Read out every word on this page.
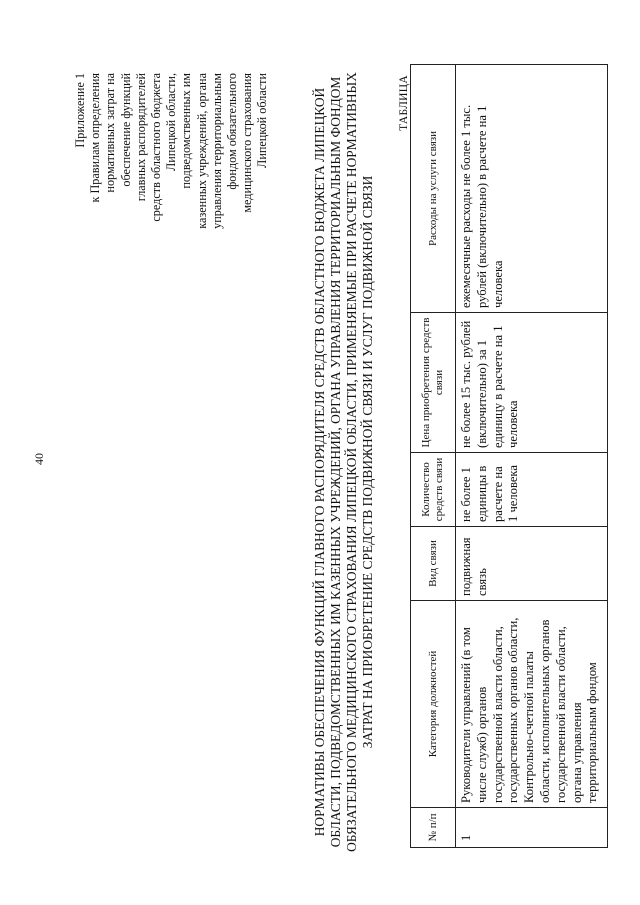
40
Приложение 1 к Правилам определения нормативных затрат на обеспечение функций главных распорядителей средств областного бюджета Липецкой области, подведомственных им казенных учреждений, органа управления территориальным фондом обязательного медицинского страхования Липецкой области	НОРМАТИВЫ ОБЕСПЕЧЕНИЯ ФУНКЦИЙ ГЛАВНОГО РАСПОРЯДИТЕЛЯ СРЕДСТВ ОБЛАСТНОГО БЮДЖЕТА ЛИПЕЦКОЙ ОБЛАСТИ, ПОДВЕДОМСТВЕННЫХ ИМ КАЗЕННЫХ УЧРЕЖДЕНИЙ, ОРГАНА УПРАВЛЕНИЯ ТЕРРИТОРИАЛЬНЫМ ФОНДОМ ОБЯЗАТЕЛЬНОГО МЕДИЦИНСКОГО СТРАХОВАНИЯ ЛИПЕЦКОЙ ОБЛАСТИ, ПРИМЕНЯЕМЫЕ ПРИ РАСЧЕТЕ НОРМАТИВНЫХ ЗАТРАТ НА ПРИОБРЕТЕНИЕ СРЕДСТВ ПОДВИЖНОЙ СВЯЗИ И УСЛУГ ПОДВИЖНОЙ СВЯЗИ
ТАБЛИЦА
№ п/п	Категория должностей	Вид связи	Количество средств связи	Цена приобретения средств связи	Расходы на услуги связи
1	Руководители управлений (в том числе служб) органов государственной власти области, государственных органов области, Контрольно-счетной палаты области, исполнительных органов государственной власти области, органа управления территориальным фондом	подвижная связь	не более 1 единицы в расчете на 1 человека	не более 15 тыс. рублей (включительно) за 1 единицу в расчете на 1 человека	ежемесячные расходы не более 1 тыс. рублей (включительно) в расчете на 1 человека
